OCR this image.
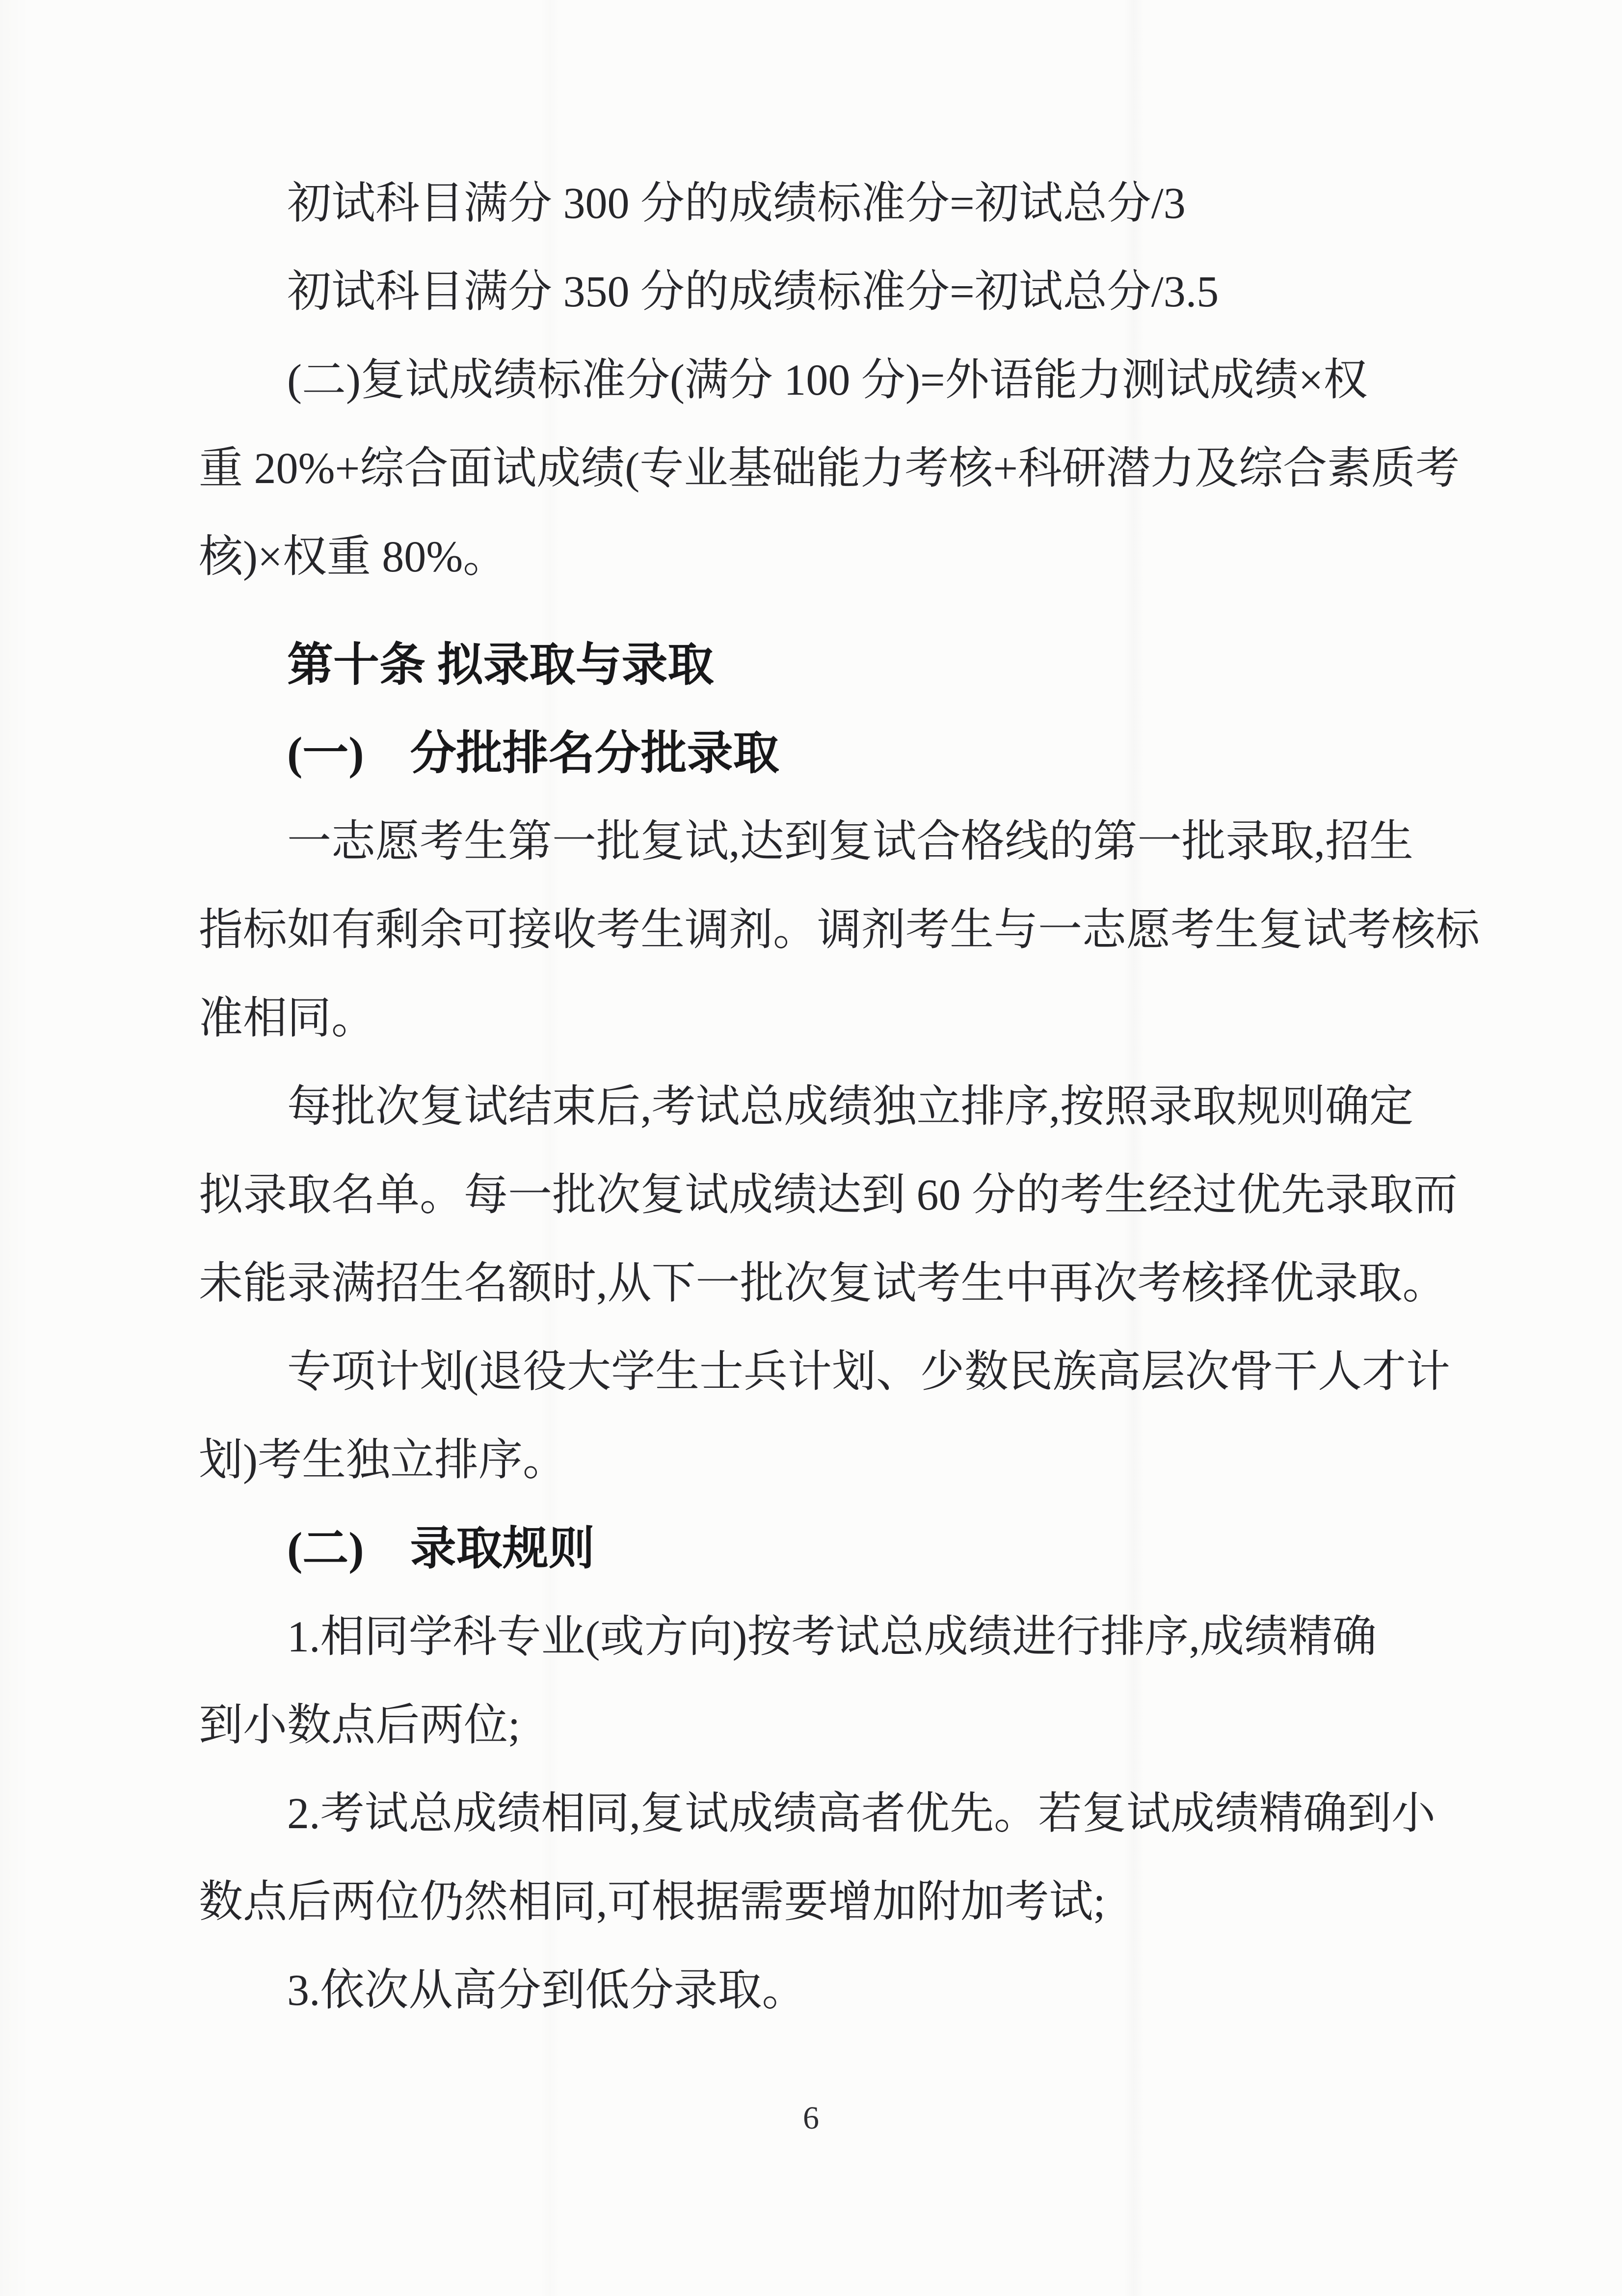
初试科目满分 300 分的成绩标准分=初试总分/3

初试科目满分 350 分的成绩标准分=初试总分/3.5

(二)复试成绩标准分(满分 100 分)=外语能力测试成绩×权

重 20%+综合面试成绩(专业基础能力考核+科研潜力及综合素质考

核)×权重 80%。

第十条 拟录取与录取

(一)　分批排名分批录取

一志愿考生第一批复试,达到复试合格线的第一批录取,招生

指标如有剩余可接收考生调剂。调剂考生与一志愿考生复试考核标

准相同。

每批次复试结束后,考试总成绩独立排序,按照录取规则确定

拟录取名单。每一批次复试成绩达到 60 分的考生经过优先录取而

未能录满招生名额时,从下一批次复试考生中再次考核择优录取。

专项计划(退役大学生士兵计划、少数民族高层次骨干人才计

划)考生独立排序。

(二)　录取规则

1.相同学科专业(或方向)按考试总成绩进行排序,成绩精确

到小数点后两位;

2.考试总成绩相同,复试成绩高者优先。若复试成绩精确到小

数点后两位仍然相同,可根据需要增加附加考试;

3.依次从高分到低分录取。

6
